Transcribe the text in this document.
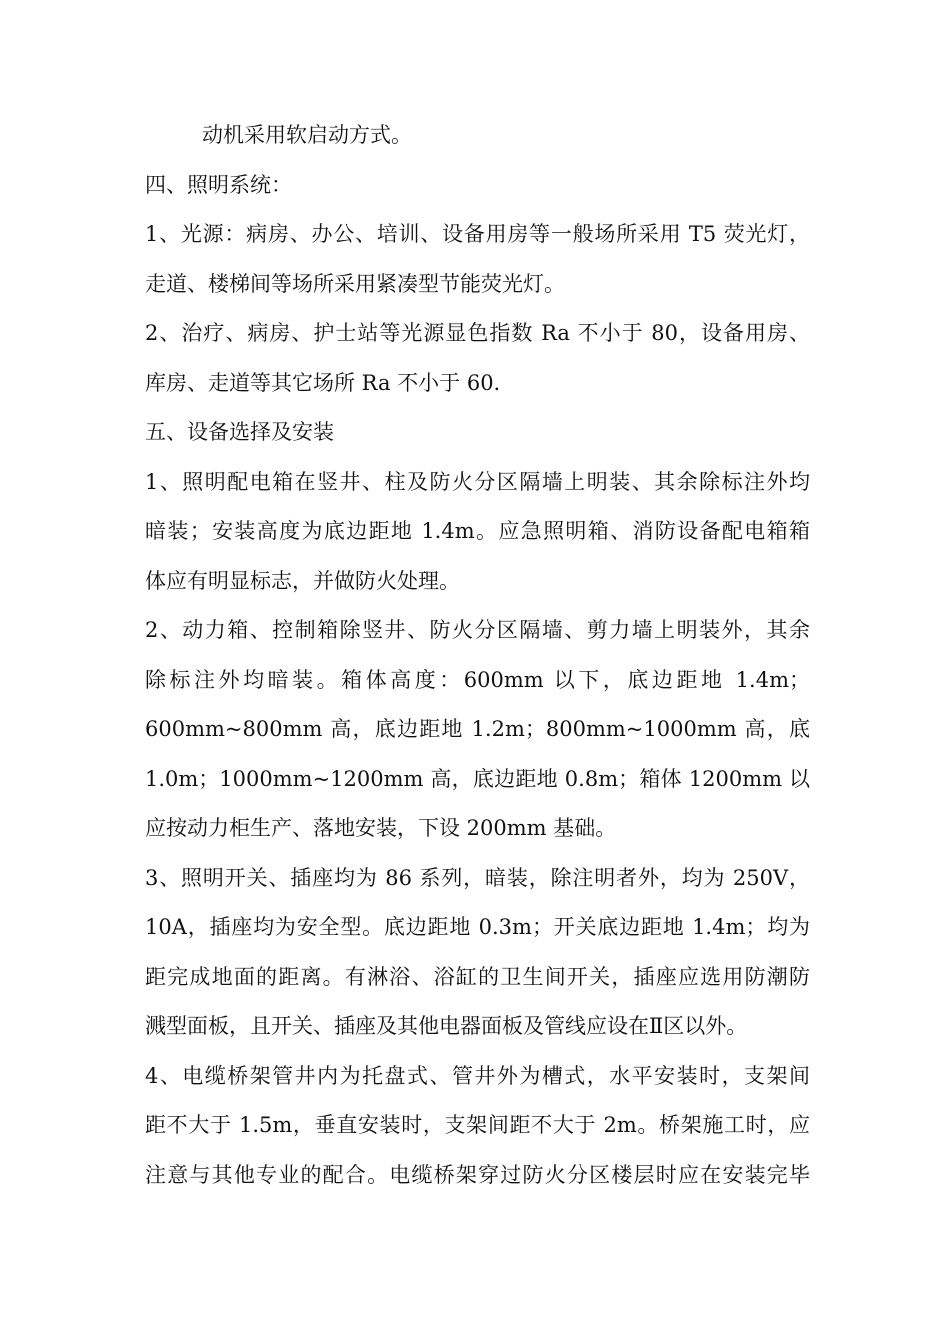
动机采用软启动方式。
四、照明系统：
1、光源：病房、办公、培训、设备用房等一般场所采用 T5 荧光灯，
走道、楼梯间等场所采用紧凑型节能荧光灯。
2、治疗、病房、护士站等光源显色指数 Ra 不小于 80，设备用房、
库房、走道等其它场所 Ra 不小于 60.
五、设备选择及安装
1、照明配电箱在竖井、柱及防火分区隔墙上明装、其余除标注外均
暗装；安装高度为底边距地 1.4m。应急照明箱、消防设备配电箱箱
体应有明显标志，并做防火处理。
2、动力箱、控制箱除竖井、防火分区隔墙、剪力墙上明装外，其余
除标注外均暗装。箱体高度：600mm 以下，底边距地 1.4m；
600mm~800mm 高，底边距地 1.2m；800mm~1000mm 高，底
1.0m；1000mm~1200mm 高，底边距地 0.8m；箱体 1200mm 以
应按动力柜生产、落地安装，下设 200mm 基础。
3、照明开关、插座均为 86 系列，暗装，除注明者外，均为 250V，
10A，插座均为安全型。底边距地 0.3m；开关底边距地 1.4m；均为
距完成地面的距离。有淋浴、浴缸的卫生间开关，插座应选用防潮防
溅型面板，且开关、插座及其他电器面板及管线应设在Ⅱ区以外。
4、电缆桥架管井内为托盘式、管井外为槽式，水平安装时，支架间
距不大于 1.5m，垂直安装时，支架间距不大于 2m。桥架施工时，应
注意与其他专业的配合。电缆桥架穿过防火分区楼层时应在安装完毕
